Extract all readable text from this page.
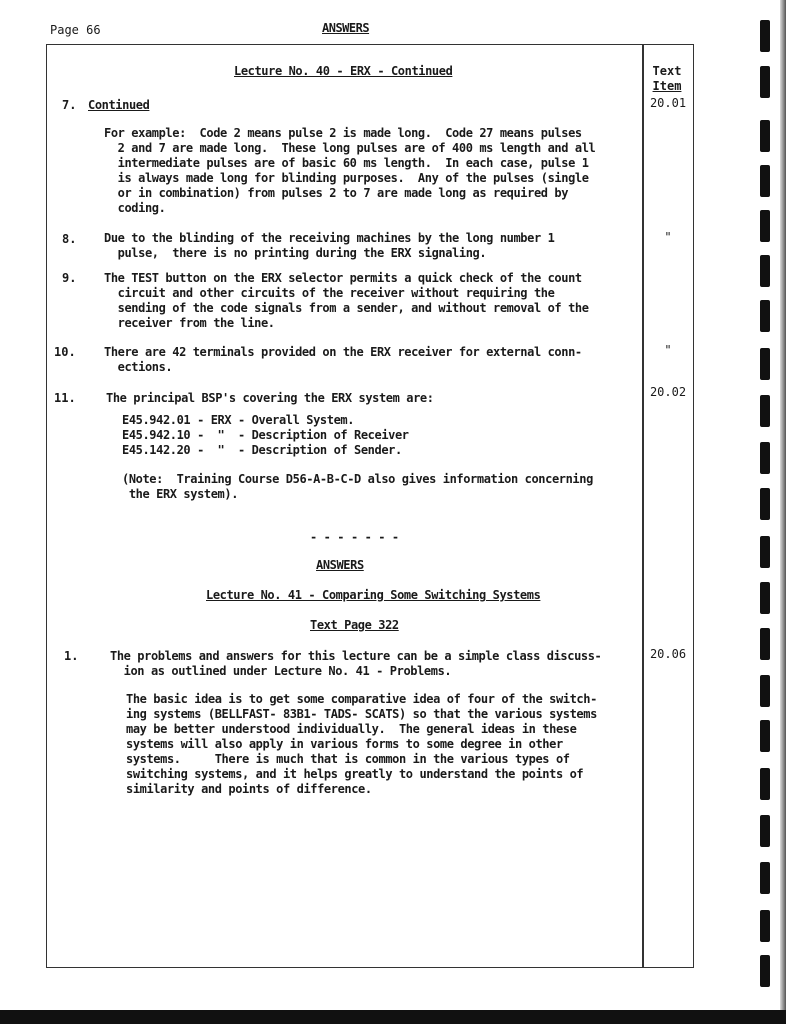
Page 66	ANSWERS
Text
Item
Lecture No. 40 - ERX - Continued
7. Continued	20.01
For example:  Code 2 means pulse 2 is made long.  Code 27 means pulses
2 and 7 are made long.  These long pulses are of 400 ms length and all
intermediate pulses are of basic 60 ms length.  In each case, pulse 1
is always made long for blinding purposes.  Any of the pulses (single
or in combination) from pulses 2 to 7 are made long as required by
coding.
8.	"
Due to the blinding of the receiving machines by the long number 1
pulse,  there is no printing during the ERX signaling.
9. The TEST button on the ERX selector permits a quick check of the count
circuit and other circuits of the receiver without requiring the
sending of the code signals from a sender, and without removal of the
receiver from the line.
10.	"
There are 42 terminals provided on the ERX receiver for external conn-
ections.
11.	20.02
The principal BSP's covering the ERX system are:
E45.942.01 - ERX - Overall System.
E45.942.10 -  "  - Description of Receiver
E45.142.20 -  "  - Description of Sender.
(Note:  Training Course D56-A-B-C-D also gives information concerning
the ERX system).
- - - - - - -
ANSWERS
Lecture No. 41 - Comparing Some Switching Systems
Text Page 322
1.	20.06
The problems and answers for this lecture can be a simple class discuss-
ion as outlined under Lecture No. 41 - Problems.
The basic idea is to get some comparative idea of four of the switch-
ing systems (BELLFAST- 83B1- TADS- SCATS) so that the various systems
may be better understood individually.  The general ideas in these
systems will also apply in various forms to some degree in other
systems.     There is much that is common in the various types of
switching systems, and it helps greatly to understand the points of
similarity and points of difference.
